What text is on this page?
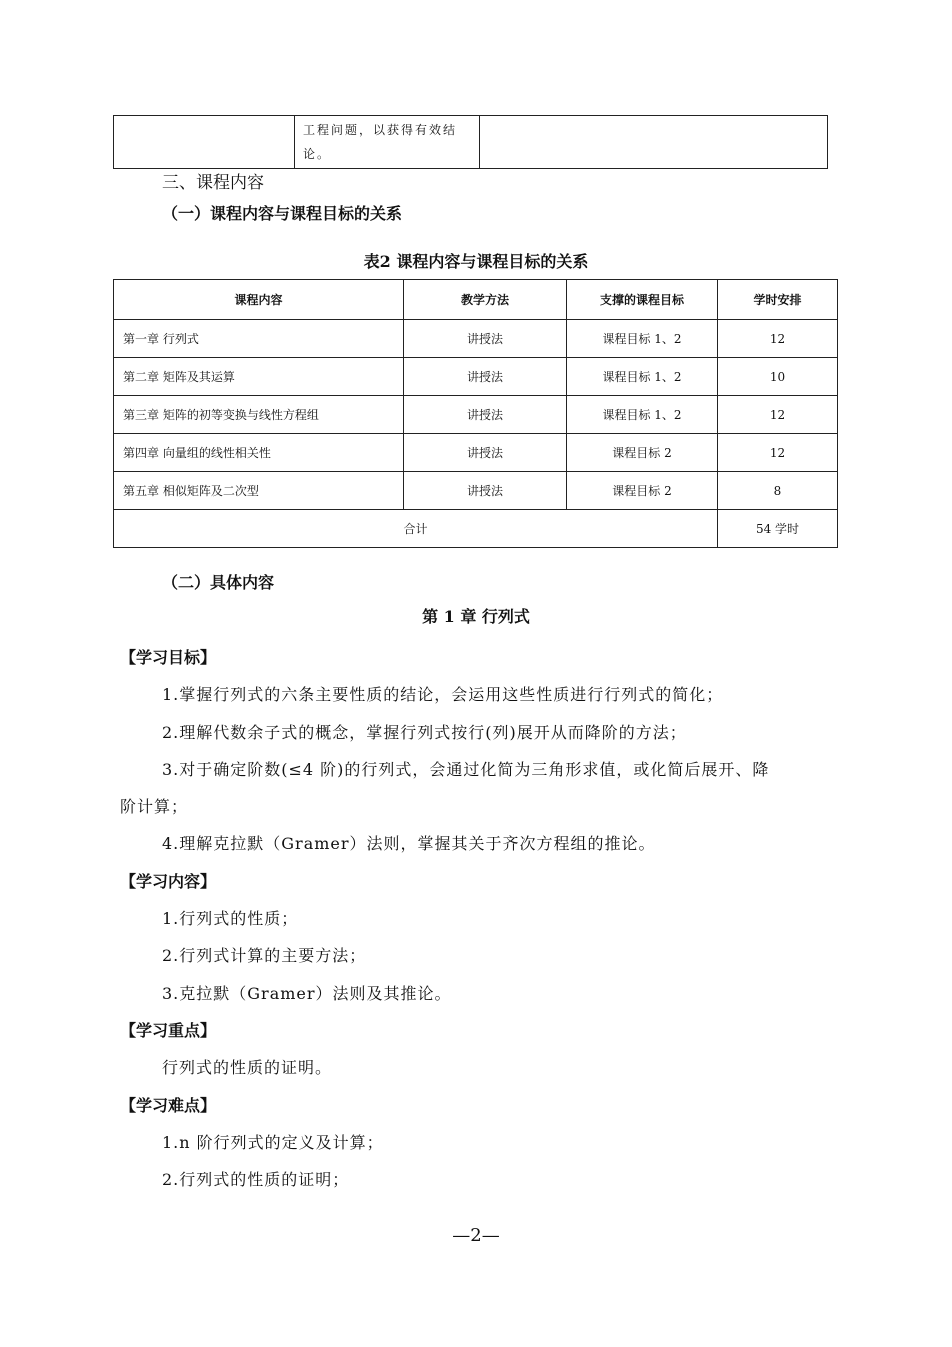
	工程问题，以获得有效结论。	
三、课程内容
（一）课程内容与课程目标的关系
表2 课程内容与课程目标的关系
课程内容	教学方法	支撑的课程目标	学时安排
第一章 行列式	讲授法	课程目标 1、2	12
第二章 矩阵及其运算	讲授法	课程目标 1、2	10
第三章 矩阵的初等变换与线性方程组	讲授法	课程目标 1、2	12
第四章 向量组的线性相关性	讲授法	课程目标 2	12
第五章 相似矩阵及二次型	讲授法	课程目标 2	8
合计			54 学时
（二）具体内容
第 1 章 行列式
【学习目标】
1.掌握行列式的六条主要性质的结论，会运用这些性质进行行列式的简化；
2.理解代数余子式的概念，掌握行列式按行(列)展开从而降阶的方法；
3.对于确定阶数(≤4 阶)的行列式，会通过化简为三角形求值，或化简后展开、降
阶计算；
4.理解克拉默（Gramer）法则，掌握其关于齐次方程组的推论。
【学习内容】
1.行列式的性质；
2.行列式计算的主要方法；
3.克拉默（Gramer）法则及其推论。
【学习重点】
行列式的性质的证明。
【学习难点】
1.n 阶行列式的定义及计算；
2.行列式的性质的证明；
—2—
